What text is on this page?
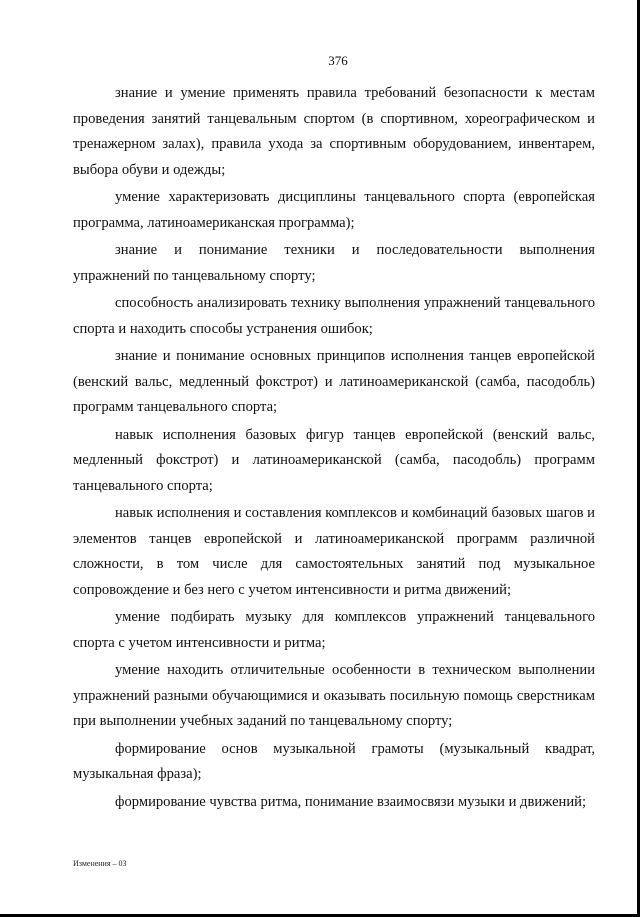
376

знание и умение применять правила требований безопасности к местам проведения занятий танцевальным спортом (в спортивном, хореографическом и тренажерном залах), правила ухода за спортивным оборудованием, инвентарем, выбора обуви и одежды;

умение характеризовать дисциплины танцевального спорта (европейская программа, латиноамериканская программа);

знание и понимание техники и последовательности выполнения упражнений по танцевальному спорту;

способность анализировать технику выполнения упражнений танцевального спорта и находить способы устранения ошибок;

знание и понимание основных принципов исполнения танцев европейской (венский вальс, медленный фокстрот) и латиноамериканской (самба, пасодобль) программ танцевального спорта;

навык исполнения базовых фигур танцев европейской (венский вальс, медленный фокстрот) и латиноамериканской (самба, пасодобль) программ танцевального спорта;

навык исполнения и составления комплексов и комбинаций базовых шагов и элементов танцев европейской и латиноамериканской программ различной сложности, в том числе для самостоятельных занятий под музыкальное сопровождение и без него с учетом интенсивности и ритма движений;

умение подбирать музыку для комплексов упражнений танцевального спорта с учетом интенсивности и ритма;

умение находить отличительные особенности в техническом выполнении упражнений разными обучающимися и оказывать посильную помощь сверстникам при выполнении учебных заданий по танцевальному спорту;

формирование основ музыкальной грамоты (музыкальный квадрат, музыкальная фраза);

формирование чувства ритма, понимание взаимосвязи музыки и движений;

Изменения – 03
